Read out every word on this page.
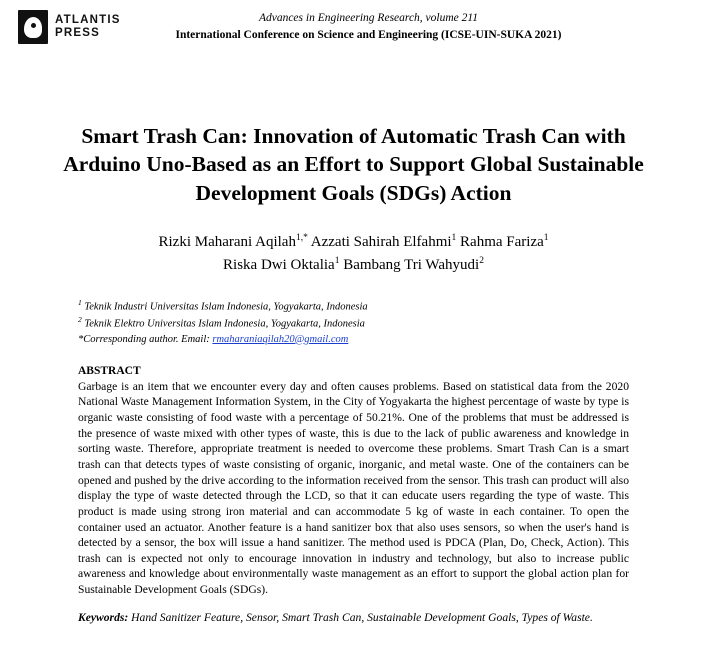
ATLANTIS
PRESS
Advances in Engineering Research, volume 211
International Conference on Science and Engineering (ICSE-UIN-SUKA 2021)
Smart Trash Can: Innovation of Automatic Trash Can with Arduino Uno-Based as an Effort to Support Global Sustainable Development Goals (SDGs) Action
Rizki Maharani Aqilah$^{1,*}$ Azzati Sahirah Elfahmi$^1$ Rahma Fariza$^1$
Riska Dwi Oktalia$^1$ Bambang Tri Wahyudi$^2$
$^1$ Teknik Industri Universitas Islam Indonesia, Yogyakarta, Indonesia
$^2$ Teknik Elektro Universitas Islam Indonesia, Yogyakarta, Indonesia
*Corresponding author. Email: rmaharaniaqilah20@gmail.com
ABSTRACT

Garbage is an item that we encounter every day and often causes problems. Based on statistical data from the 2020 National Waste Management Information System, in the City of Yogyakarta the highest percentage of waste by type is organic waste consisting of food waste with a percentage of 50.21%. One of the problems that must be addressed is the presence of waste mixed with other types of waste, this is due to the lack of public awareness and knowledge in sorting waste. Therefore, appropriate treatment is needed to overcome these problems. Smart Trash Can is a smart trash can that detects types of waste consisting of organic, inorganic, and metal waste. One of the containers can be opened and pushed by the drive according to the information received from the sensor. This trash can product will also display the type of waste detected through the LCD, so that it can educate users regarding the type of waste. This product is made using strong iron material and can accommodate 5 kg of waste in each container. To open the container used an actuator. Another feature is a hand sanitizer box that also uses sensors, so when the user's hand is detected by a sensor, the box will issue a hand sanitizer. The method used is PDCA (Plan, Do, Check, Action). This trash can is expected not only to encourage innovation in industry and technology, but also to increase public awareness and knowledge about environmentally waste management as an effort to support the global action plan for Sustainable Development Goals (SDGs).

Keywords: Hand Sanitizer Feature, Sensor, Smart Trash Can, Sustainable Development Goals, Types of Waste.
